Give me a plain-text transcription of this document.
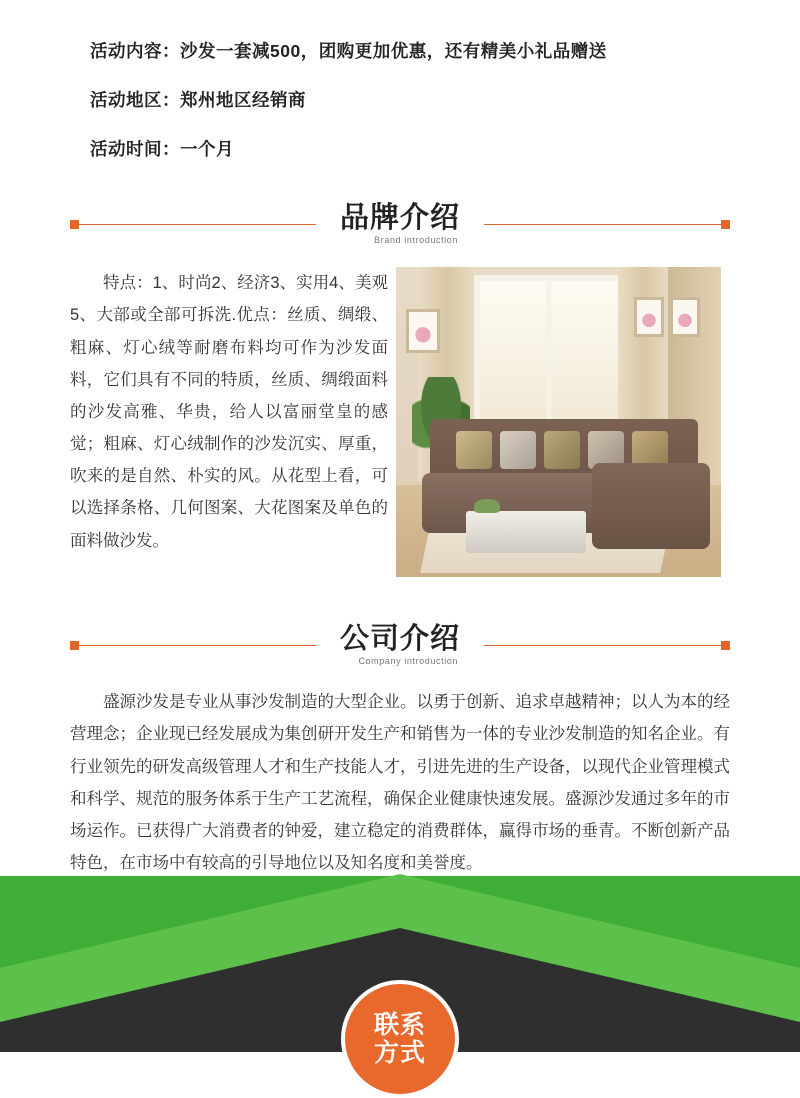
活动内容：沙发一套减500，团购更加优惠，还有精美小礼品赠送
活动地区：郑州地区经销商
活动时间：一个月
品牌介绍
Brand introduction
特点：1、时尚2、经济3、实用4、美观5、大部或全部可拆洗.优点：丝质、绸缎、粗麻、灯心绒等耐磨布料均可作为沙发面料，它们具有不同的特质，丝质、绸缎面料的沙发高雅、华贵，给人以富丽堂皇的感觉；粗麻、灯心绒制作的沙发沉实、厚重，吹来的是自然、朴实的风。从花型上看，可以选择条格、几何图案、大花图案及单色的面料做沙发。
公司介绍
Company introduction
盛源沙发是专业从事沙发制造的大型企业。以勇于创新、追求卓越精神；以人为本的经营理念；企业现已经发展成为集创研开发生产和销售为一体的专业沙发制造的知名企业。有行业领先的研发高级管理人才和生产技能人才，引进先进的生产设备，以现代企业管理模式和科学、规范的服务体系于生产工艺流程，确保企业健康快速发展。盛源沙发通过多年的市场运作。已获得广大消费者的钟爱，建立稳定的消费群体，赢得市场的垂青。不断创新产品特色，在市场中有较高的引导地位以及知名度和美誉度。
联系
方式
